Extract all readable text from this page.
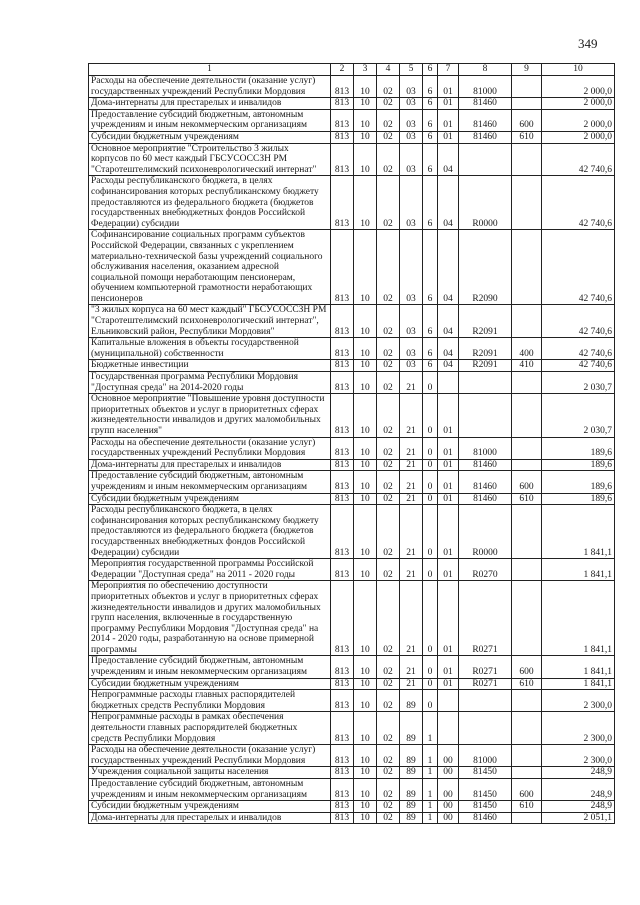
349
1	2	3	4	5	6	7	8	9	10
Расходы на обеспечение деятельности (оказание услуг) государственных учреждений Республики Мордовия	813	10	02	03	6	01	81000		2 000,0
Дома-интернаты для престарелых и инвалидов	813	10	02	03	6	01	81460		2 000,0
Предоставление субсидий бюджетным, автономным учреждениям и иным некоммерческим организациям	813	10	02	03	6	01	81460	600	2 000,0
Субсидии бюджетным учреждениям	813	10	02	03	6	01	81460	610	2 000,0
Основное мероприятие "Строительство 3 жилых корпусов по 60 мест каждый ГБСУСОССЗН РМ "Старотештелимский психоневрологический интернат"	813	10	02	03	6	04			42 740,6
Расходы республиканского бюджета, в целях софинансирования которых республиканскому бюджету предоставляются из федерального бюджета (бюджетов государственных внебюджетных фондов Российской Федерации) субсидии	813	10	02	03	6	04	R0000		42 740,6
Софинансирование социальных программ субъектов Российской Федерации, связанных с укреплением материально-технической базы учреждений социального обслуживания населения, оказанием адресной социальной помощи неработающим пенсионерам, обучением компьютерной грамотности неработающих пенсионеров	813	10	02	03	6	04	R2090		42 740,6
"3 жилых корпуса на 60 мест каждый" ГБСУСОССЗН РМ "Старотештелимский психоневрологический интернат", Ельниковский район, Республики Мордовия"	813	10	02	03	6	04	R2091		42 740,6
Капитальные вложения в объекты государственной (муниципальной) собственности	813	10	02	03	6	04	R2091	400	42 740,6
Бюджетные инвестиции	813	10	02	03	6	04	R2091	410	42 740,6
Государственная программа Республики Мордовия "Доступная среда" на 2014-2020 годы	813	10	02	21	0				2 030,7
Основное мероприятие "Повышение уровня доступности приоритетных объектов и услуг в приоритетных сферах жизнедеятельности инвалидов и других маломобильных групп населения"	813	10	02	21	0	01			2 030,7
Расходы на обеспечение деятельности (оказание услуг) государственных учреждений Республики Мордовия	813	10	02	21	0	01	81000		189,6
Дома-интернаты для престарелых и инвалидов	813	10	02	21	0	01	81460		189,6
Предоставление субсидий бюджетным, автономным учреждениям и иным некоммерческим организациям	813	10	02	21	0	01	81460	600	189,6
Субсидии бюджетным учреждениям	813	10	02	21	0	01	81460	610	189,6
Расходы республиканского бюджета, в целях софинансирования которых республиканскому бюджету предоставляются из федерального бюджета (бюджетов государственных внебюджетных фондов Российской Федерации) субсидии	813	10	02	21	0	01	R0000		1 841,1
Мероприятия государственной программы Российской Федерации "Доступная среда" на 2011 - 2020 годы	813	10	02	21	0	01	R0270		1 841,1
Мероприятия по обеспечению доступности приоритетных объектов и услуг в приоритетных сферах жизнедеятельности инвалидов и других маломобильных групп населения, включенные в государственную программу Республики Мордовия "Доступная среда" на 2014 - 2020 годы, разработанную на основе примерной программы	813	10	02	21	0	01	R0271		1 841,1
Предоставление субсидий бюджетным, автономным учреждениям и иным некоммерческим организациям	813	10	02	21	0	01	R0271	600	1 841,1
Субсидии бюджетным учреждениям	813	10	02	21	0	01	R0271	610	1 841,1
Непрограммные расходы главных распорядителей бюджетных средств Республики Мордовия	813	10	02	89	0				2 300,0
Непрограммные расходы в рамках обеспечения деятельности главных распорядителей бюджетных средств Республики Мордовия	813	10	02	89	1				2 300,0
Расходы на обеспечение деятельности (оказание услуг) государственных учреждений Республики Мордовия	813	10	02	89	1	00	81000		2 300,0
Учреждения социальной защиты населения	813	10	02	89	1	00	81450		248,9
Предоставление субсидий бюджетным, автономным учреждениям и иным некоммерческим организациям	813	10	02	89	1	00	81450	600	248,9
Субсидии бюджетным учреждениям	813	10	02	89	1	00	81450	610	248,9
Дома-интернаты для престарелых и инвалидов	813	10	02	89	1	00	81460		2 051,1
